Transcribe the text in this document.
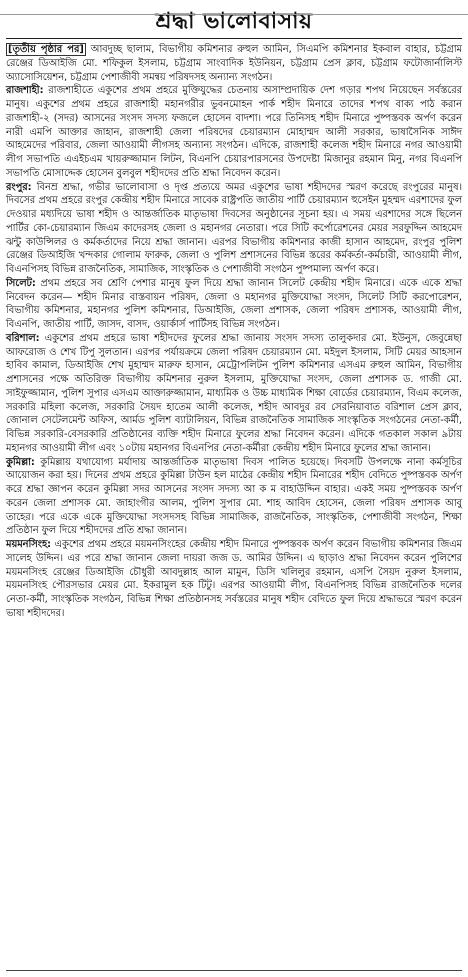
শ্রদ্ধা ভালোবাসায়

[তৃতীয় পৃষ্ঠার পর] আবদুচ্ছ ছালাম, বিভাগীয় কমিশনার রুহুল আমিন, সিএমপি কমিশনার ইকবাল বাহার, চট্টগ্রাম রেঞ্জের ডিআইজি মো. শফিকুল ইসলাম, চট্টগ্রাম সাংবাদিক ইউনিয়ন, চট্টগ্রাম প্রেস ক্লাব, চট্টগ্রাম ফটোজার্নালিস্ট অ্যাসোসিয়েশন, চট্টগ্রাম পেশাজীবী সমন্বয় পরিষদসহ অন্যান্য সংগঠন।

রাজশাহী: রাজশাহীতে একুশের প্রথম প্রহরে মুক্তিযুদ্ধের চেতনায় অসাম্প্রদায়িক দেশ গড়ার শপথ নিয়েছেন সর্বস্তরের মানুষ। একুশের প্রথম প্রহরে রাজশাহী মহানগরীর ভুবনমোহন পার্ক শহীদ মিনারে তাদের শপথ বাক্য পাঠ করান রাজশাহী-২ (সদর) আসনের সংসদ সদস্য ফজলে হোসেন বাদশা। পরে তিনিসহ শহীদ মিনারে পুষ্পস্তবক অর্পণ করেন নারী এমপি আক্তার জাহান, রাজশাহী জেলা পরিষদের চেয়ারম্যান মোহাম্মদ আলী সরকার, ভাষাসৈনিক সাঈদ আহমেদের পরিবার, জেলা আওয়ামী লীগসহ অন্যান্য সংগঠন। এদিকে, রাজশাহী কলেজ শহীদ মিনারে নগর আওয়ামী লীগ সভাপতি এএইচএম খায়রুজ্জামান লিটন, বিএনপি চেয়ারপারসনের উপদেষ্টা মিজানুর রহমান মিনু, নগর বিএনপি সভাপতি মোসাদ্দেক হোসেন বুলবুল শহীদদের প্রতি শ্রদ্ধা নিবেদন করেন।

রংপুর: বিনম্র শ্রদ্ধা, গভীর ভালোবাসা ও দৃপ্ত প্রত্যয়ে অমর একুশের ভাষা শহীদদের স্মরণ করেছে রংপুরের মানুষ। দিবসের প্রথম প্রহরে রংপুর কেন্দ্রীয় শহীদ মিনারে সাবেক রাষ্ট্রপতি জাতীয় পার্টি চেয়ারম্যান হুসেইন মুহম্মদ এরশাদের ফুল দেওয়ার মধ্যদিয়ে ভাষা শহীদ ও আন্তর্জাতিক মাতৃভাষা দিবসের অনুষ্ঠানের সূচনা হয়। এ সময় এরশাদের সঙ্গে ছিলেন পার্টির কো-চেয়ারম্যান জিএম কাদেরসহ জেলা ও মহানগর নেতারা। পরে সিটি কর্পোরেশনের মেয়র সরফুদ্দিন আহমেদ ঝন্টু কাউন্সিলর ও কর্মকর্তাদের নিয়ে শ্রদ্ধা জানান। এরপর বিভাগীয় কমিশনার কাজী হাসান আহমেদ, রংপুর পুলিশ রেঞ্জের ডিআইজি খন্দকার গোলাম ফারুক, জেলা ও পুলিশ প্রশাসনের বিভিন্ন স্তরের কর্মকর্তা-কর্মচারী, আওয়ামী লীগ, বিএনপিসহ বিভিন্ন রাজনৈতিক, সামাজিক, সাংস্কৃতিক ও পেশাজীবী সংগঠন পুষ্পমাল্য অর্পণ করে।

সিলেট: প্রথম প্রহরে সব শ্রেণি পেশার মানুষ ফুল দিয়ে শ্রদ্ধা জানান সিলেট কেন্দ্রীয় শহীদ মিনারে। একে একে শ্রদ্ধা নিবেদন করেন— শহীদ মিনার বাস্তবায়ন পরিষদ, জেলা ও মহানগর মুক্তিযোদ্ধা সংসদ, সিলেট সিটি করপোরেশন, বিভাগীয় কমিশনার, মহানগর পুলিশ কমিশনার, ডিআইজি, জেলা প্রশাসক, জেলা পরিষদ প্রশাসক, আওয়ামী লীগ, বিএনপি, জাতীয় পার্টি, জাসদ, বাসদ, ওয়ার্কার্স পার্টিসহ বিভিন্ন সংগঠন।

বরিশাল: একুশের প্রথম প্রহরে ভাষা শহীদদের ফুলের শ্রদ্ধা জানায় সংসদ সদস্য তালুকদার মো. ইউনুস, জেবুন্নেছা আফরোজ ও শেখ টিপু সুলতান। এরপর পর্যায়ক্রমে জেলা পরিষদ চেয়ারম্যান মো. মইদুল ইসলাম, সিটি মেয়র আহসান হাবিব কামাল, ডিআইজি শেখ মুহাম্মদ মারুফ হাসান, মেট্রোপলিটন পুলিশ কমিশনার এসএম রুহুল আমিন, বিভাগীয় প্রশাসনের পক্ষে অতিরিক্ত বিভাগীয় কমিশনার নুরুল ইসলাম, মুক্তিযোদ্ধা সংসদ, জেলা প্রশাসক ড. গাজী মো. সাইফুজ্জামান, পুলিশ সুপার এসএম আক্তারুজ্জামান, মাধ্যমিক ও উচ্চ মাধ্যমিক শিক্ষা বোর্ডের চেয়ারম্যান, বিএম কলেজ, সরকারি মহিলা কলেজ, সরকারি সৈয়দ হাতেম আলী কলেজ, শহীদ আবদুর রব সেরনিয়াবাত বরিশাল প্রেস ক্লাব, জোনাল সেটেলমেন্ট অফিস, আর্মড পুলিশ ব্যাটালিয়ন, বিভিন্ন রাজনৈতিক সামাজিক সাংস্কৃতিক সংগঠনের নেতা-কর্মী, বিভিন্ন সরকারি-বেসরকারি প্রতিষ্ঠানের ব্যক্তি শহীদ মিনারে ফুলের শ্রদ্ধা নিবেদন করেন। এদিকে গতকাল সকাল ৯টায় মহানগর আওয়ামী লীগ এবং ১০টায় মহানগর বিএনপির নেতা-কর্মীরা কেন্দ্রীয় শহীদ মিনারে ফুলের শ্রদ্ধা জানান।

কুমিল্লা: কুমিল্লায় যথাযোগ্য মর্যাদায় আন্তর্জাতিক মাতৃভাষা দিবস পালিত হয়েছে। দিবসটি উপলক্ষে নানা কর্মসূচির আয়োজন করা হয়। দিনের প্রথম প্রহরে কুমিল্লা টাউন হল মাঠের কেন্দ্রীয় শহীদ মিনারের শহীদ বেদিতে পুষ্পস্তবক অর্পণ করে শ্রদ্ধা জ্ঞাপন করেন কুমিল্লা সদর আসনের সংসদ সদস্য আ ক ম বাহাউদ্দিন বাহার। একই সময় পুষ্পস্তবক অর্পণ করেন জেলা প্রশাসক মো. জাহাংগীর আলম, পুলিশ সুপার মো. শাহ আবিদ হোসেন, জেলা পরিষদ প্রশাসক আবু তাহের। পরে একে একে মুক্তিযোদ্ধা সংসদসহ বিভিন্ন সামাজিক, রাজনৈতিক, সাংস্কৃতিক, পেশাজীবী সংগঠন, শিক্ষা প্রতিষ্ঠান ফুল দিয়ে শহীদদের প্রতি শ্রদ্ধা জানান।

ময়মনসিংহ: একুশের প্রথম প্রহরে ময়মনসিংহের কেন্দ্রীয় শহীদ মিনারে পুষ্পস্তবক অর্পণ করেন বিভাগীয় কমিশনার জিএম সালেহ উদ্দিন। এর পরে শ্রদ্ধা জানান জেলা দায়রা জজ ড. আমির উদ্দিন। এ ছাড়াও শ্রদ্ধা নিবেদন করেন পুলিশের ময়মনসিংহ রেঞ্জের ডিআইজি চৌধুরী আবদুল্লাহ আল মামুন, ডিসি খলিলুর রহমান, এসপি সৈয়দ নুরুল ইসলাম, ময়মনসিংহ পৌরসভার মেয়র মো. ইকরামুল হক টিটু। এরপর আওয়ামী লীগ, বিএনপিসহ বিভিন্ন রাজনৈতিক দলের নেতা-কর্মী, সাংস্কৃতিক সংগঠন, বিভিন্ন শিক্ষা প্রতিষ্ঠানসহ সর্বস্তরের মানুষ শহীদ বেদিতে ফুল দিয়ে শ্রদ্ধাভরে স্মরণ করেন ভাষা শহীদদের।
